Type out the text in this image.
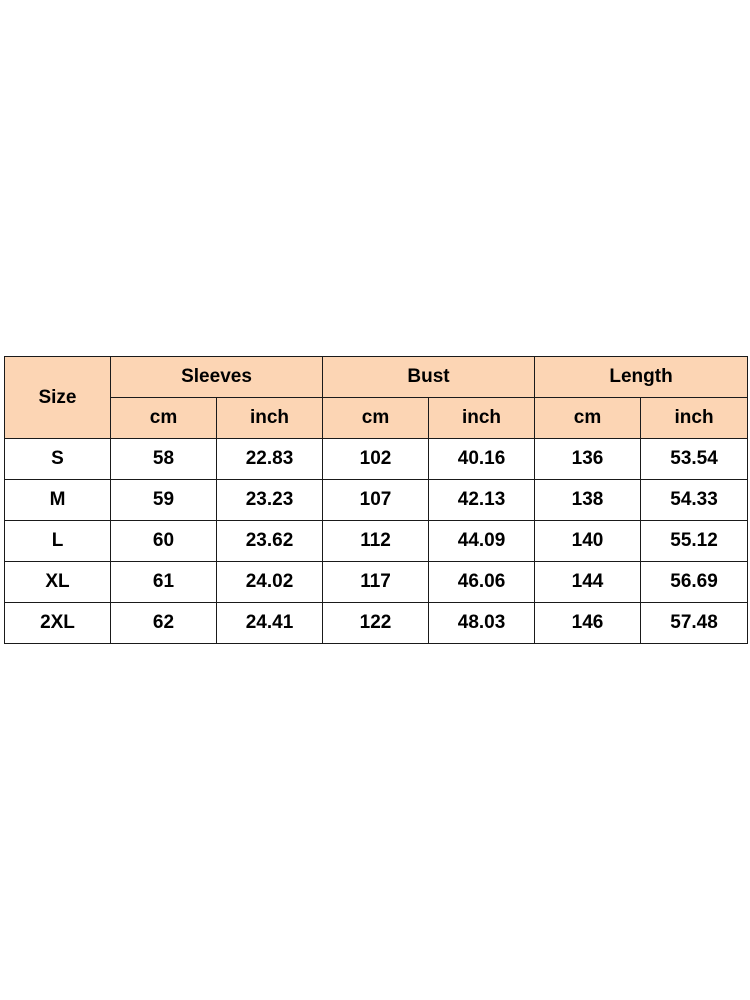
Size	Sleeves		Bust		Length	
	cm	inch	cm	inch	cm	inch
S	58	22.83	102	40.16	136	53.54
M	59	23.23	107	42.13	138	54.33
L	60	23.62	112	44.09	140	55.12
XL	61	24.02	117	46.06	144	56.69
2XL	62	24.41	122	48.03	146	57.48
